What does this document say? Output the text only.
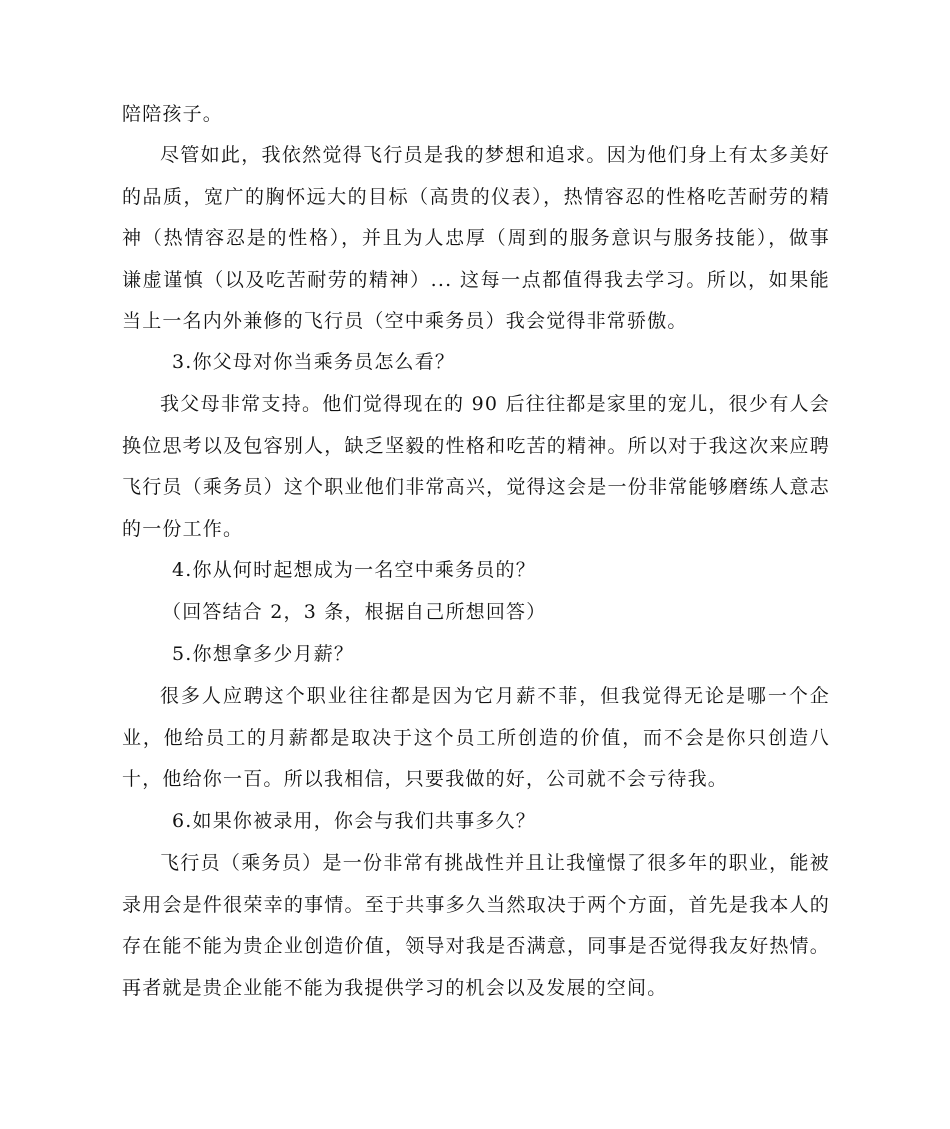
陪陪孩子。

尽管如此，我依然觉得飞行员是我的梦想和追求。因为他们身上有太多美好的品质，宽广的胸怀远大的目标（高贵的仪表），热情容忍的性格吃苦耐劳的精神（热情容忍是的性格），并且为人忠厚（周到的服务意识与服务技能），做事谦虚谨慎（以及吃苦耐劳的精神）... 这每一点都值得我去学习。所以，如果能当上一名内外兼修的飞行员（空中乘务员）我会觉得非常骄傲。

3.你父母对你当乘务员怎么看？

我父母非常支持。他们觉得现在的 90 后往往都是家里的宠儿，很少有人会换位思考以及包容别人，缺乏坚毅的性格和吃苦的精神。所以对于我这次来应聘飞行员（乘务员）这个职业他们非常高兴，觉得这会是一份非常能够磨练人意志的一份工作。

4.你从何时起想成为一名空中乘务员的？

（回答结合 2，3 条，根据自己所想回答）

5.你想拿多少月薪？

很多人应聘这个职业往往都是因为它月薪不菲，但我觉得无论是哪一个企业，他给员工的月薪都是取决于这个员工所创造的价值，而不会是你只创造八十，他给你一百。所以我相信，只要我做的好，公司就不会亏待我。

6.如果你被录用，你会与我们共事多久？

飞行员（乘务员）是一份非常有挑战性并且让我憧憬了很多年的职业，能被录用会是件很荣幸的事情。至于共事多久当然取决于两个方面，首先是我本人的存在能不能为贵企业创造价值，领导对我是否满意，同事是否觉得我友好热情。再者就是贵企业能不能为我提供学习的机会以及发展的空间。
